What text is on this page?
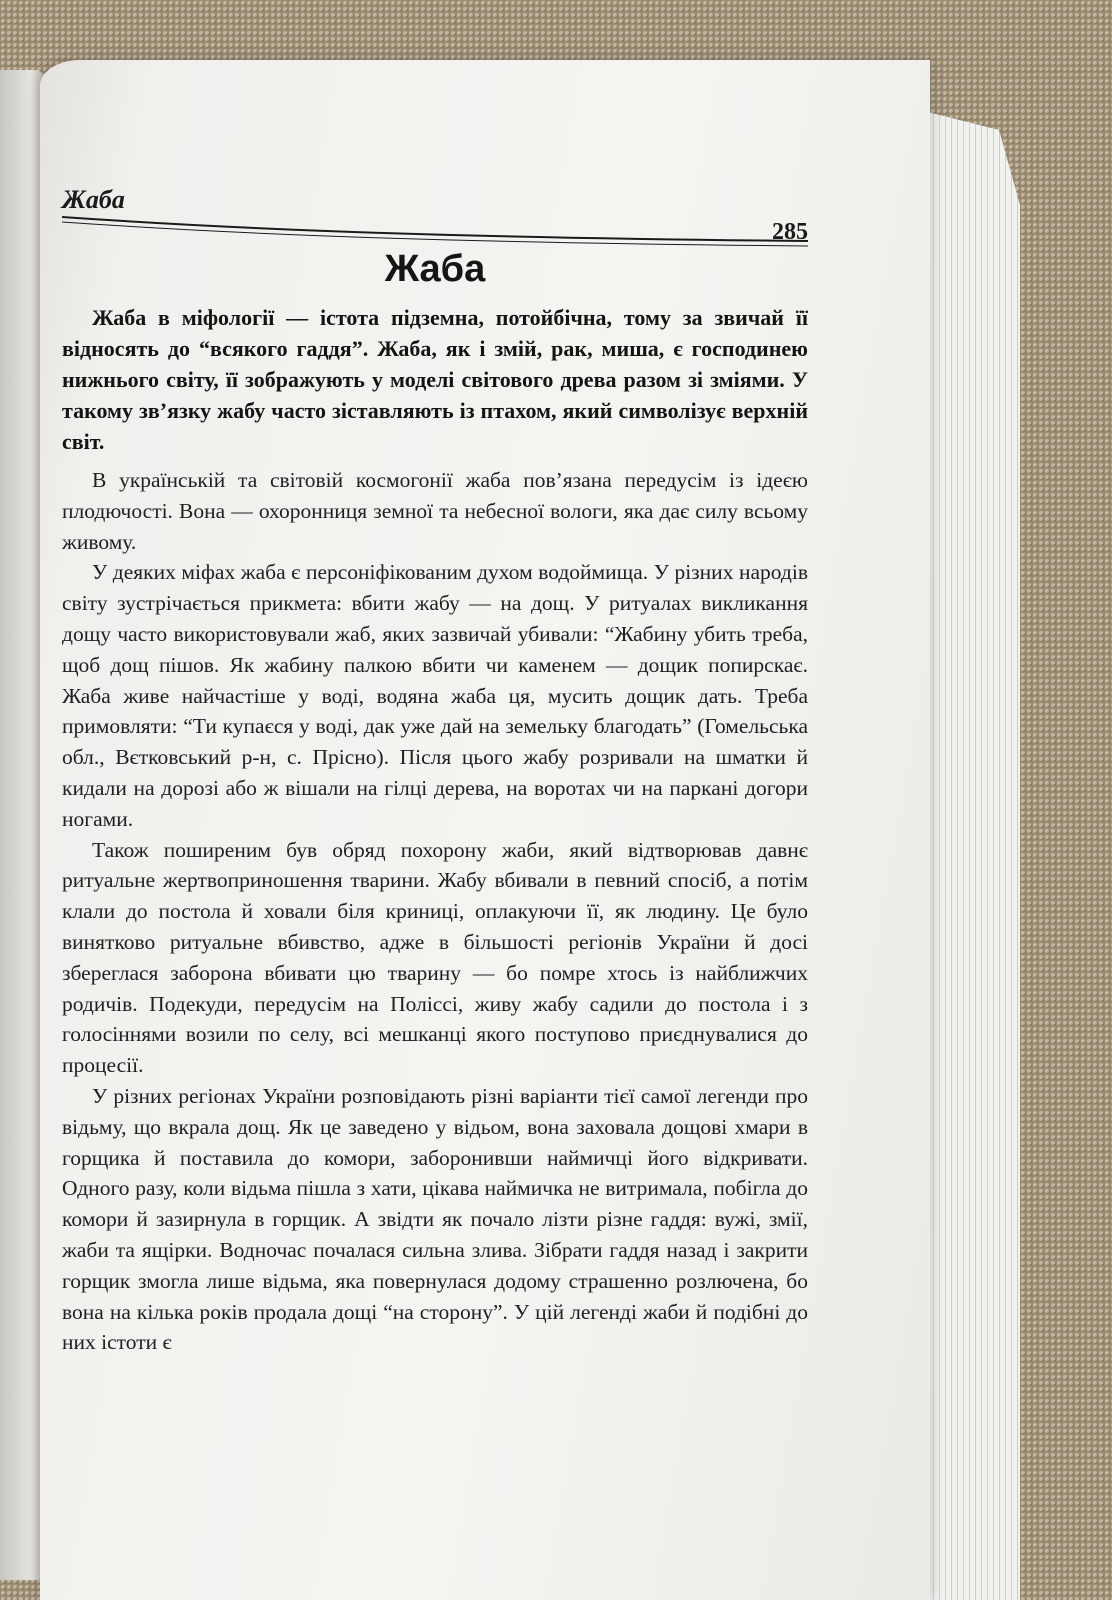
Жаба
285
Жаба

Жаба в міфології — істота підземна, потойбічна, тому за звичай її відносять до “всякого гаддя”. Жаба, як і змій, рак, миша, є господинею нижнього світу, її зображують у моделі світового древа разом зі зміями. У такому зв’язку жабу часто зіставляють із птахом, який символізує верхній світ.

В українській та світовій космогонії жаба пов’язана передусім із ідеєю плодючості. Вона — охоронниця земної та небесної вологи, яка дає силу всьому живому.

У деяких міфах жаба є персоніфікованим духом водоймища. У різних народів світу зустрічається прикмета: вбити жабу — на дощ. У ритуалах викликання дощу часто використовували жаб, яких зазвичай убивали: “Жабину убить треба, щоб дощ пішов. Як жабину палкою вбити чи каменем — дощик попирскає. Жаба живе найчастіше у воді, водяна жаба ця, мусить дощик дать. Треба примовляти: “Ти купаєся у воді, дак уже дай на земельку благодать” (Гомельська обл., Вєтковський р-н, с. Прісно). Після цього жабу розривали на шматки й кидали на дорозі або ж вішали на гілці дерева, на воротах чи на паркані догори ногами.

Також поширеним був обряд похорону жаби, який відтворював давнє ритуальне жертвоприношення тварини. Жабу вбивали в певний спосіб, а потім клали до постола й ховали біля криниці, оплакуючи її, як людину. Це було винятково ритуальне вбивство, адже в більшості регіонів України й досі збереглася заборона вбивати цю тварину — бо помре хтось із найближчих родичів. Подекуди, передусім на Поліссі, живу жабу садили до постола і з голосіннями возили по селу, всі мешканці якого поступово приєднувалися до процесії.

У різних регіонах України розповідають різні варіанти тієї самої легенди про відьму, що вкрала дощ. Як це заведено у відьом, вона заховала дощові хмари в горщика й поставила до комори, заборонивши наймичці його відкривати. Одного разу, коли відьма пішла з хати, цікава наймичка не витримала, побігла до комори й зазирнула в горщик. А звідти як почало лізти різне гаддя: вужі, змії, жаби та ящірки. Водночас почалася сильна злива. Зібрати гаддя назад і закрити горщик змогла лише відьма, яка повернулася додому страшенно розлючена, бо вона на кілька років продала дощі “на сторону”. У цій легенді жаби й подібні до них істоти є
